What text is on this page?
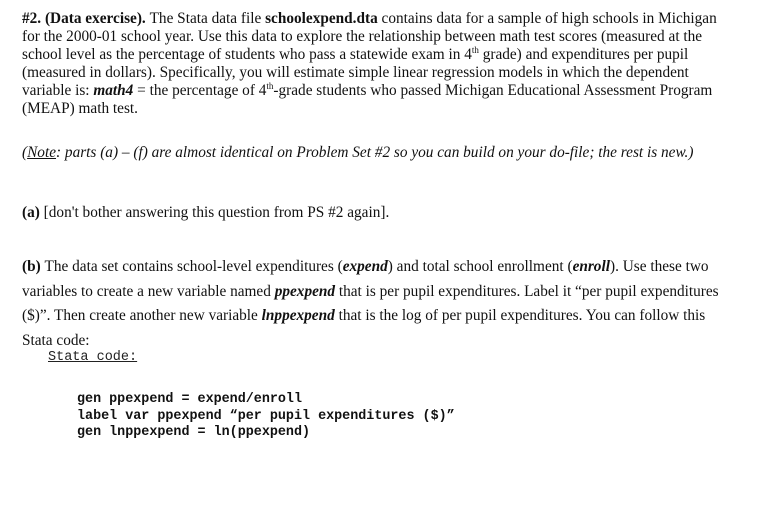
#2. (Data exercise). The Stata data file schoolexpend.dta contains data for a sample of high schools in Michigan for the 2000-01 school year. Use this data to explore the relationship between math test scores (measured at the school level as the percentage of students who pass a statewide exam in 4th grade) and expenditures per pupil (measured in dollars). Specifically, you will estimate simple linear regression models in which the dependent variable is: math4 = the percentage of 4th-grade students who passed Michigan Educational Assessment Program (MEAP) math test.
(Note: parts (a) – (f) are almost identical on Problem Set #2 so you can build on your do-file; the rest is new.)
(a) [don't bother answering this question from PS #2 again].
(b) The data set contains school-level expenditures (expend) and total school enrollment (enroll). Use these two variables to create a new variable named ppexpend that is per pupil expenditures. Label it “per pupil expenditures ($)”. Then create another new variable lnppexpend that is the log of per pupil expenditures. You can follow this Stata code:
Stata code:
gen ppexpend = expend/enroll
label var ppexpend “per pupil expenditures ($)”
gen lnppexpend = ln(ppexpend)
